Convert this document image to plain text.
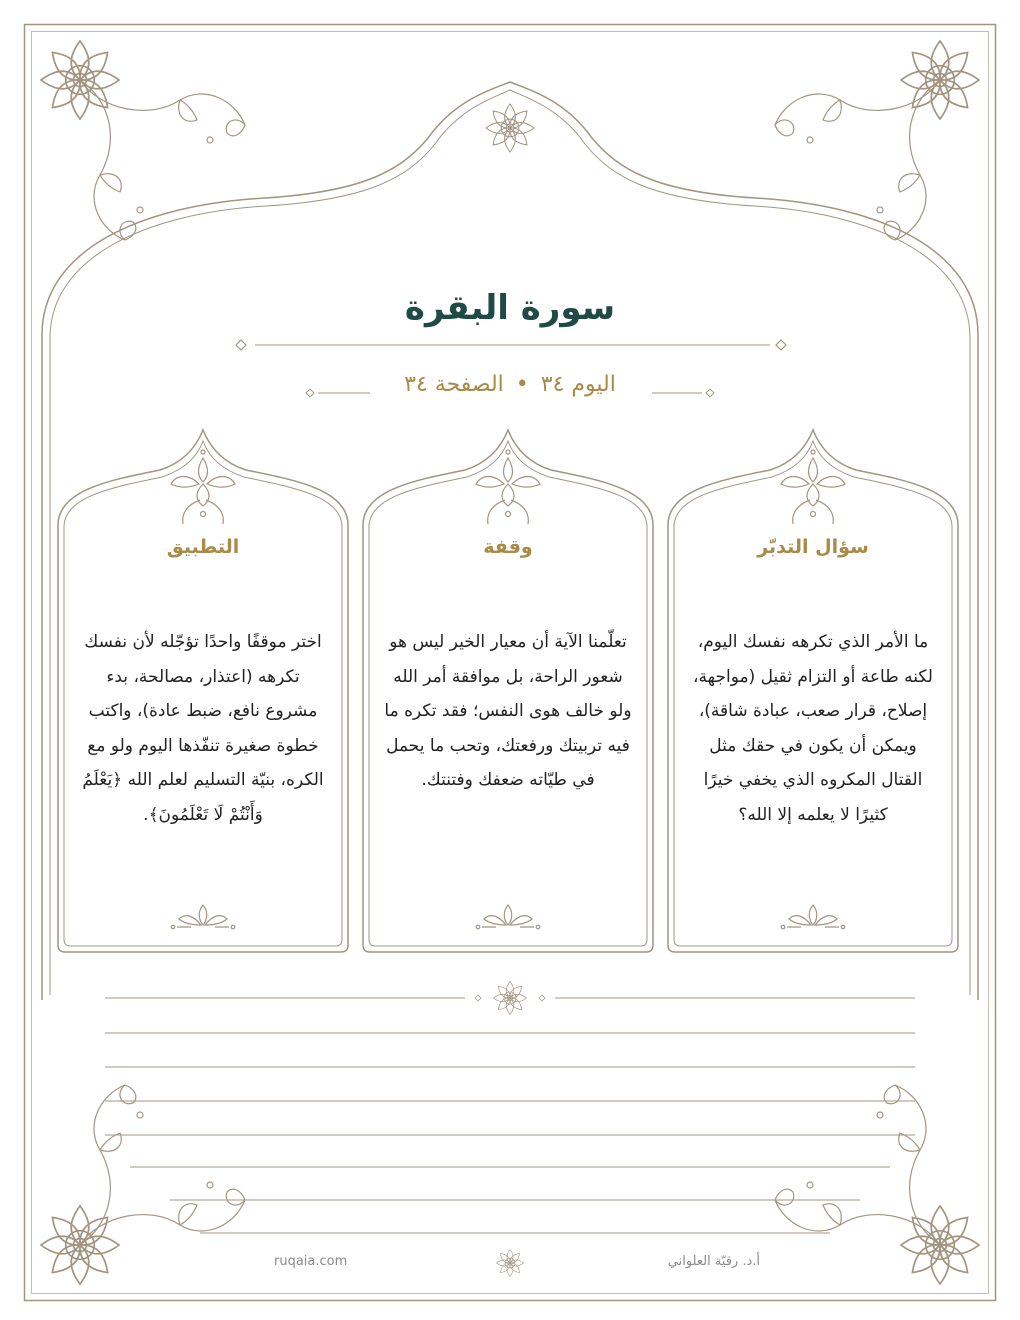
سورة البقرة
اليوم ٣٤•الصفحة ٣٤
سؤال التدبّر
ما الأمر الذي تكرهه نفسك اليوم، لكنه طاعة أو التزام ثقيل (مواجهة، إصلاح، قرار صعب، عبادة شاقة)، ويمكن أن يكون في حقك مثل القتال المكروه الذي يخفي خيرًا كثيرًا لا يعلمه إلا الله؟
وقفة
تعلّمنا الآية أن معيار الخير ليس هو شعور الراحة، بل موافقة أمر الله ولو خالف هوى النفس؛ فقد تكره ما فيه تربيتك ورفعتك، وتحب ما يحمل في طيّاته ضعفك وفتنتك.
التطبيق
اختر موقفًا واحدًا تؤجّله لأن نفسك تكرهه (اعتذار، مصالحة، بدء مشروع نافع، ضبط عادة)، واكتب خطوة صغيرة تنفّذها اليوم ولو مع الكره، بنيّة التسليم لعلم الله ﴿يَعْلَمُ وَأَنْتُمْ لَا تَعْلَمُونَ﴾.
ruqaia.com	أ.د. رقيّة العلواني
